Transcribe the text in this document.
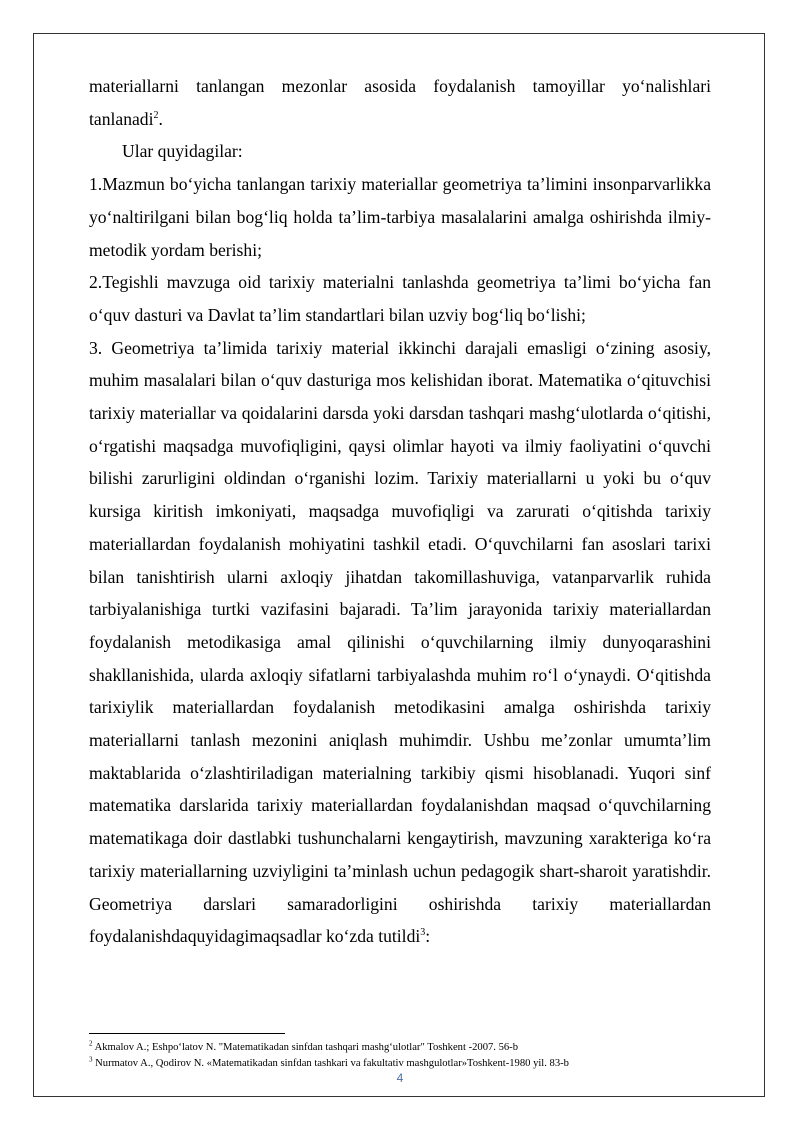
materiallarni tanlangan mezonlar asosida foydalanish tamoyillar yo‘nalishlari tanlanadi$^2$.

Ular quyidagilar:

1.Mazmun bo‘yicha tanlangan tarixiy materiallar geometriya ta’limini insonparvarlikka yo‘naltirilgani bilan bog‘liq holda ta’lim-tarbiya masalalarini amalga oshirishda ilmiy-metodik yordam berishi;

2.Tegishli mavzuga oid tarixiy materialni tanlashda geometriya ta’limi bo‘yicha fan o‘quv dasturi va Davlat ta’lim standartlari bilan uzviy bog‘liq bo‘lishi;

3. Geometriya ta’limida tarixiy material ikkinchi darajali emasligi o‘zining asosiy, muhim masalalari bilan o‘quv dasturiga mos kelishidan iborat. Matematika o‘qituvchisi tarixiy materiallar va qoidalarini darsda yoki darsdan tashqari mashg‘ulotlarda o‘qitishi, o‘rgatishi maqsadga muvofiqligini, qaysi olimlar hayoti va ilmiy faoliyatini o‘quvchi bilishi zarurligini oldindan o‘rganishi lozim. Tarixiy materiallarni u yoki bu o‘quv kursiga kiritish imkoniyati, maqsadga muvofiqligi va zarurati o‘qitishda tarixiy materiallardan foydalanish mohiyatini tashkil etadi. O‘quvchilarni fan asoslari tarixi bilan tanishtirish ularni axloqiy jihatdan takomillashuviga, vatanparvarlik ruhida tarbiyalanishiga turtki vazifasini bajaradi. Ta’lim jarayonida tarixiy materiallardan foydalanish metodikasiga amal qilinishi o‘quvchilarning ilmiy dunyoqarashini shakllanishida, ularda axloqiy sifatlarni tarbiyalashda muhim ro‘l o‘ynaydi. O‘qitishda tarixiylik materiallardan foydalanish metodikasini amalga oshirishda tarixiy materiallarni tanlash mezonini aniqlash muhimdir. Ushbu me’zonlar umumta’lim maktablarida o‘zlashtiriladigan materialning tarkibiy qismi hisoblanadi. Yuqori sinf matematika darslarida tarixiy materiallardan foydalanishdan maqsad o‘quvchilarning matematikaga doir dastlabki tushunchalarni kengaytirish, mavzuning xarakteriga ko‘ra tarixiy materiallarning uzviyligini ta’minlash uchun pedagogik shart-sharoit yaratishdir. Geometriya darslari samaradorligini oshirishda tarixiy materiallardan foydalanishdaquyidagimaqsadlar ko‘zda tutildi$^3$:

$^2$ Akmalov A.; Eshpo‘latov N. "Matematikadan sinfdan tashqari mashg‘ulotlar" Toshkent -2007. 56-b

$^3$ Nurmatov A., Qodirov N. «Matematikadan sinfdan tashkari va fakultativ mashgulotlar»Toshkent-1980 yil. 83-b

4
